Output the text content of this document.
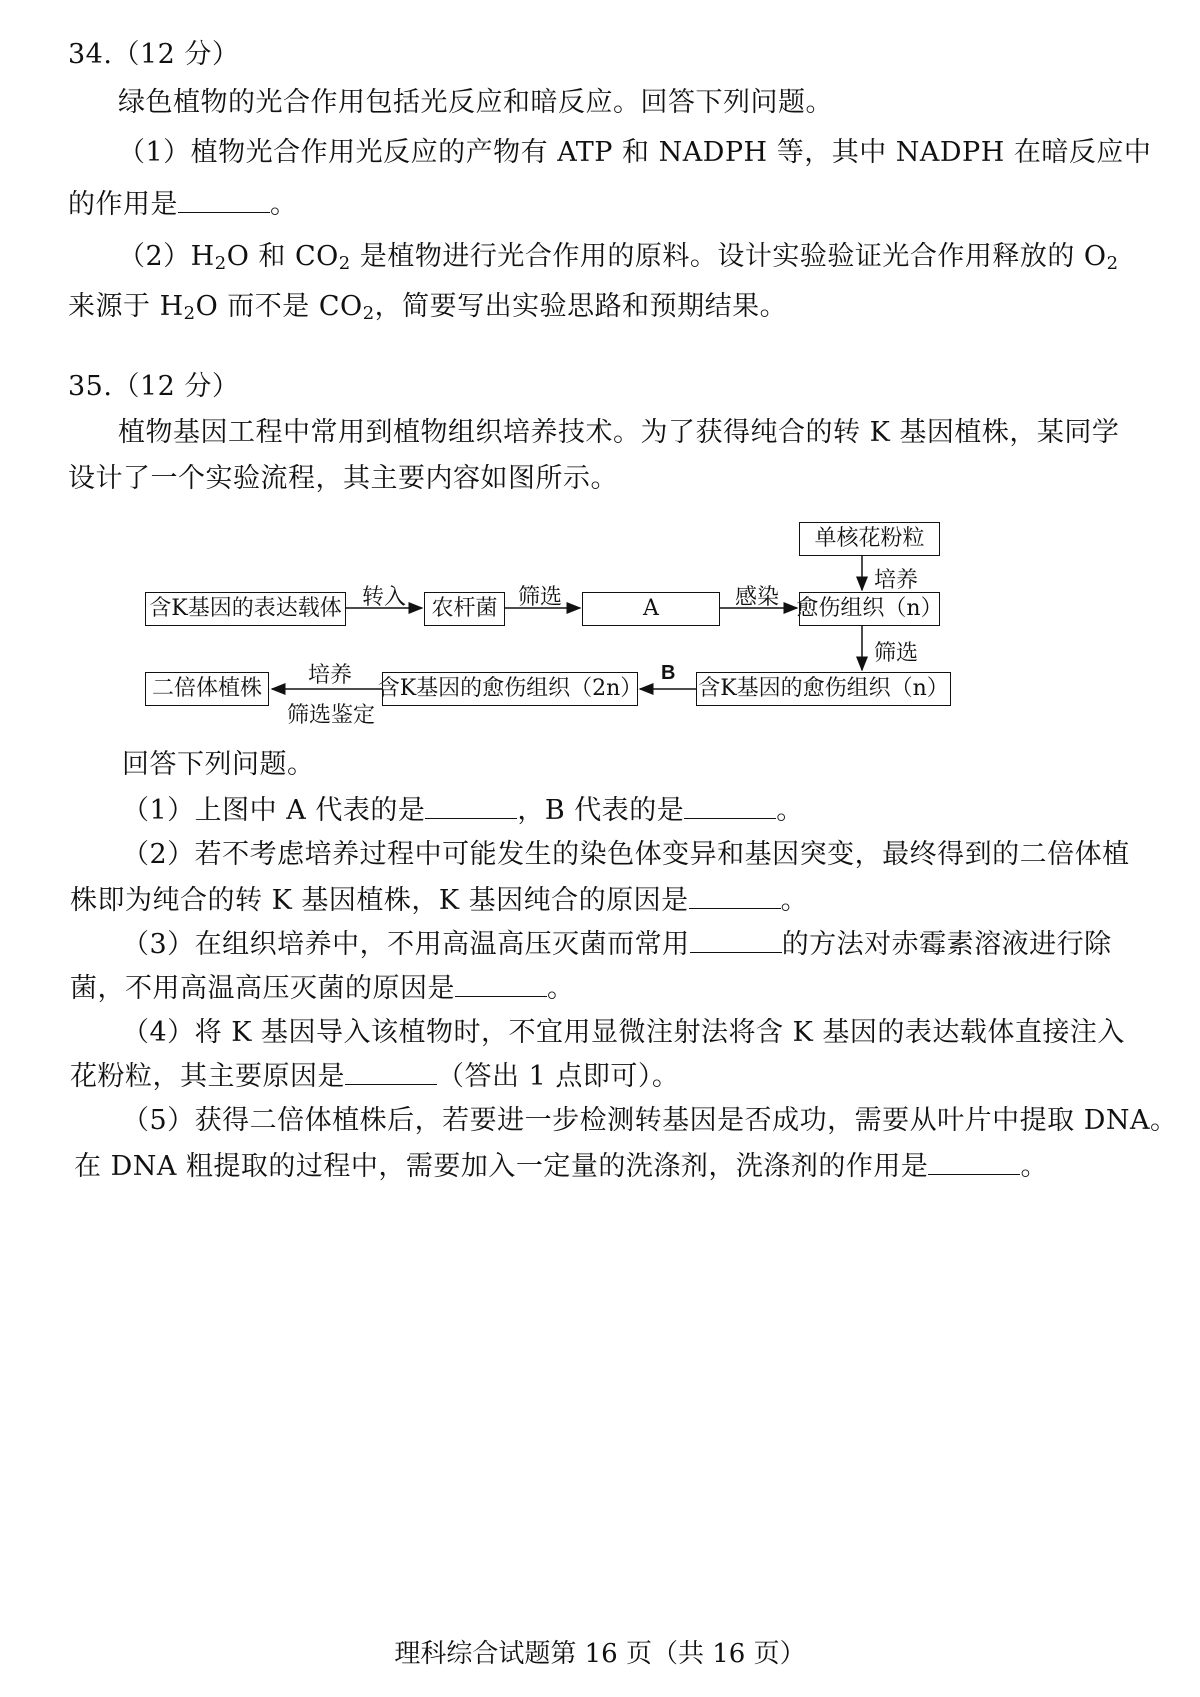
34.（12 分）
绿色植物的光合作用包括光反应和暗反应。回答下列问题。
（1）植物光合作用光反应的产物有 ATP 和 NADPH 等，其中 NADPH 在暗反应中
的作用是	。
$(2)H_2O$ 和 $CO_2$ 是植物进行光合作用的原料。设计实验验证光合作用释放的 $O_2$
来源于 $H_2O$ 而不是 $CO_2$，简要写出实验思路和预期结果。
35.（12 分）
植物基因工程中常用到植物组织培养技术。为了获得纯合的转 K 基因植株，某同学
设计了一个实验流程，其主要内容如图所示。
含K基因的表达载体	农杆菌	A
单核花粉粒
愈伤组织（n）
含K基因的愈伤组织（n）
含K基因的愈伤组织（2n）
二倍体植株
转入	筛选	感染
培养
筛选
B
培养
筛选鉴定
回答下列问题。
（1）上图中 A 代表的是	，B 代表的是	。
（2）若不考虑培养过程中可能发生的染色体变异和基因突变，最终得到的二倍体植
株即为纯合的转 K 基因植株，K 基因纯合的原因是	。
（3）在组织培养中，不用高温高压灭菌而常用	的方法对赤霉素溶液进行除
菌，不用高温高压灭菌的原因是	。
（4）将 K 基因导入该植物时，不宜用显微注射法将含 K 基因的表达载体直接注入
花粉粒，其主要原因是	（答出 1 点即可）。
（5）获得二倍体植株后，若要进一步检测转基因是否成功，需要从叶片中提取 DNA。
在 DNA 粗提取的过程中，需要加入一定量的洗涤剂，洗涤剂的作用是	。
理科综合试题第 16 页（共 16 页）
